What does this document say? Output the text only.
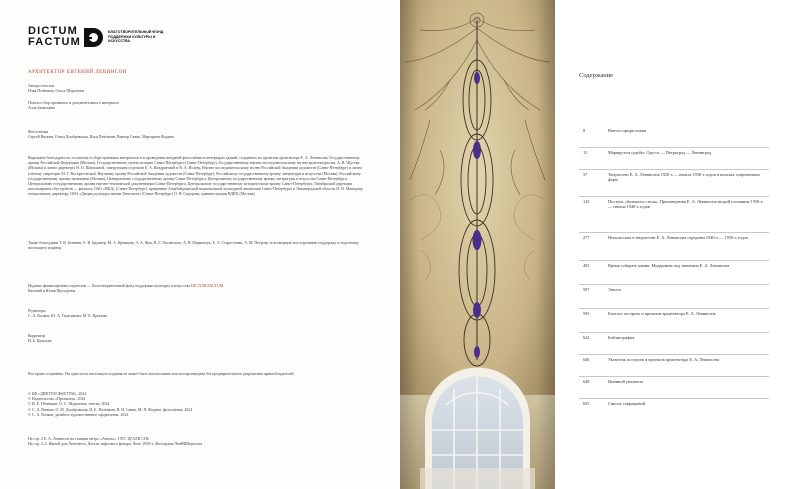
DICTUM
FACTUM
БЛАГОТВОРИТЕЛЬНЫЙ ФОНД ПОДДЕРЖКИ КУЛЬТУРЫ И ИСКУССТВА
АРХИТЕКТОР ЕВГЕНИЙ ЛЕВИНСОН
Авторы текстов
Илья Печёнкин, Ольга Шурыгина
Поиск и сбор архивного и документального материала
Алла Замаскина
Фотосъёмка
Сергей Вялкин, Ольга Домбровская, Илья Печёнкин, Виктор Савик, Маргарита Фадина
Выражаем благодарность за помощь в сборе архивных материалов и в проведении натурной фотосъёмки в интерьерах зданий, созданных по проектам архитектора Е. А. Левинсона, Государственному архиву Российской Федерации (Москва), Государственному музею истории Санкт-Петербурга (Санкт-Петербург), Государственному научно-исследовательскому музею архитектуры им. А. В. Щусева (Москва) и лично директору Н. О. Шапошной, заведующим отделами Е. А. Кондратовой и В. А. Исаеву, Научно-исследовательскому музею Российской Академии художеств (Санкт-Петербург) и лично учёному секретарю М. Г. Воскресенской, Научному архиву Российской Академии художеств (Санкт-Петербург), Российскому государственному архиву литературы и искусства (Москва), Российскому государственному архиву экономики (Москва), Центральному государственному архиву Санкт-Петербурга, Центральному государственному архиву литературы и искусства Санкт-Петербурга, Центральному государственному архиву научно-технической документации Санкт-Петербурга, Центральному государственному историческому архиву Санкт-Петербурга, Октябрьской дирекции пассажирских обустройств — филиалу ОАО «РЖД» (Санкт-Петербург), правлению Азербайджанской национальной культурной автономии Санкт-Петербурга и Ленинградской области Н. И. Мамедову, генеральному директору ООО «Дворец культуры имени Ленсовета» (Санкт-Петербург) О. В. Сидорову, администрации ВДНХ (Москва)
Также благодарим Т. В. Беннинг, Е. В. Брукнер, М. А. Кривцову, Э. А. Жук, В. Г. Лисовского, А. В. Марковчук, Е. Э. Старостенко, А. М. Петрову за всемерную всестороннюю поддержку и подготовку настоящего издания
Издание финансировано издателем — Благотворительный фонд поддержки культуры и искусства DICTUM FACTUM
Евгений и Юлия Прохоровы
Редакторы
С. А. Волков, Ю. А. Герасимова, М. Б. Крылова
Корректор
И. Б. Крылова
Все права сохранены. Ни одна часть настоящего издания не может быть использована или воспроизведена без предварительного разрешения правообладателей.
© БФ «ДИКТУМ ФАКТУМ», 2024
© Издательство «Пропилеи», 2024
© И. Е. Печёнкин, О. С. Шурыгина, тексты, 2024
© С. А. Вялкин, О. М. Домбровская, И. Е. Печёнкин, В. Н. Савик, М. П. Фадина, фотосъёмка, 2024
© С. А. Волков, дизайн и художественное оформление, 2024
На стр. 2 Е. А. Левинсон на станции метро «Автово». 1957. ЦГАЛИ СПб
На стр. 4–5. Жилой дом Ленсовета. Детали лифтового фонаря. Фото 1950-х. Фотоархив ЛенНИИпроекта
Содержание
8	Вместо предисловия
15	Маршрутом судьбы: Одесса — Петроград — Ленинград
37	Творчество Е. А. Левинсона 1920-х — начала 1930-х годов в поисках современных форм
145	Поступь «большого стиля». Произведения Е. А. Левинсона второй половины 1930-х — начала 1940-х годов
277	Неоклассика в творчестве Е. А. Левинсона середины 1940-х — 1950-х годов
483	Время собирать камни. Модернизм под знаменем Е. А. Левинсона
587	Эпилог
593	Каталог построек и проектов архитектора Е. А. Левинсона
642	Библиография
646	Указатель построек и проектов архитектора Е. А. Левинсона
648	Именной указатель
655	Список сокращений
